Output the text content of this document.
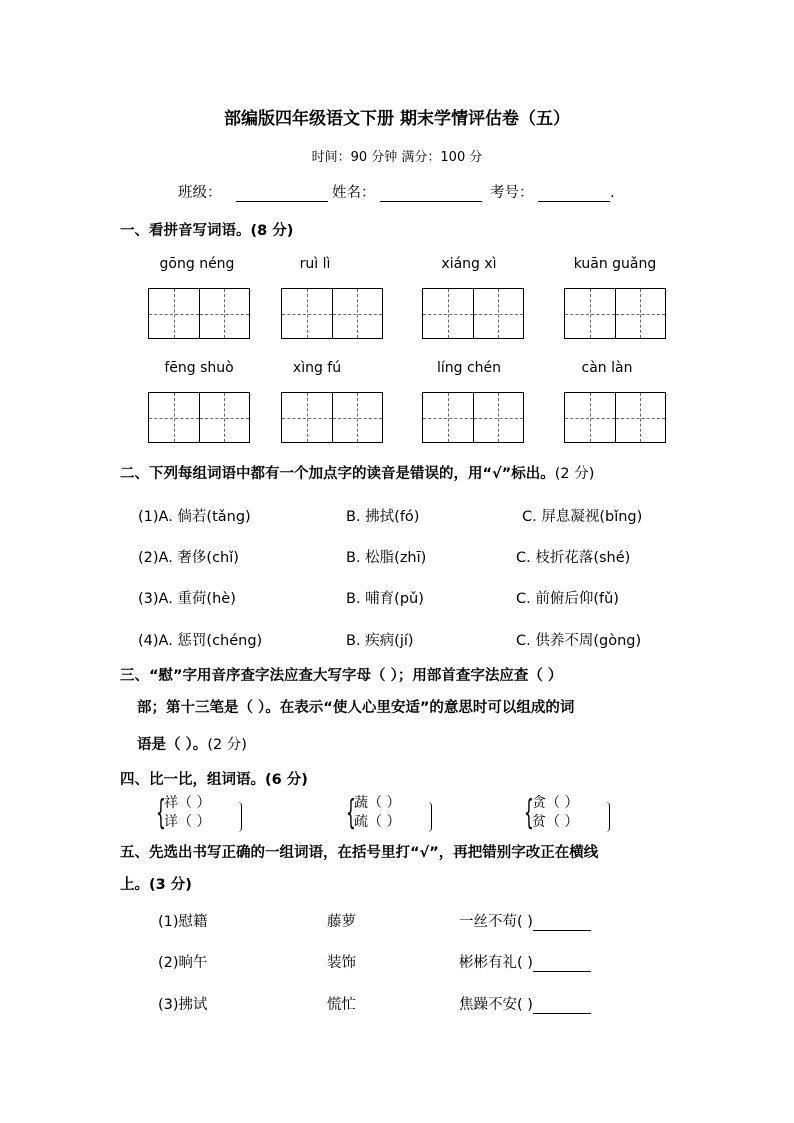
部编版四年级语文下册 期末学情评估卷（五）
时间：90 分钟 满分：100 分
班级：	姓名：	考号：	.
一、看拼音写词语。(8 分)
gōng néng	ruì lì	xiáng xì	kuān guǎng
fēng shuò	xìng fú	líng chén	càn làn
二、下列每组词语中都有一个加点字的读音是错误的，用“√”标出。(2 分)
(1)A. 倘若(tǎng)	B. 拂拭(fó)	C. 屏息凝视(bǐng)
(2)A. 奢侈(chǐ)	B. 松脂(zhī)	C. 枝折花落(shé)
(3)A. 重荷(hè)	B. 哺育(pǔ)	C. 前俯后仰(fǔ)
(4)A. 惩罚(chéng)	B. 疾病(jí)	C. 供养不周(gòng)
三、“慰”字用音序查字法应查大写字母（ ）；用部首查字法应查（ ）
部；第十三笔是（ ）。在表示“使人心里安适”的意思时可以组成的词
语是（ ）。(2 分)
四、比一比，组词语。(6 分)
{
祥（ ）
详（ ）	{
蔬（ ）
疏（ ）	{
贪（ ）
贫（ ）
五、先选出书写正确的一组词语，在括号里打“√”，再把错别字改正在横线
上。(3 分)
(1)慰籍	藤萝	一丝不苟( )
(2)晌午	装饰	彬彬有礼( )
(3)拂试	慌忙	焦躁不安( )
